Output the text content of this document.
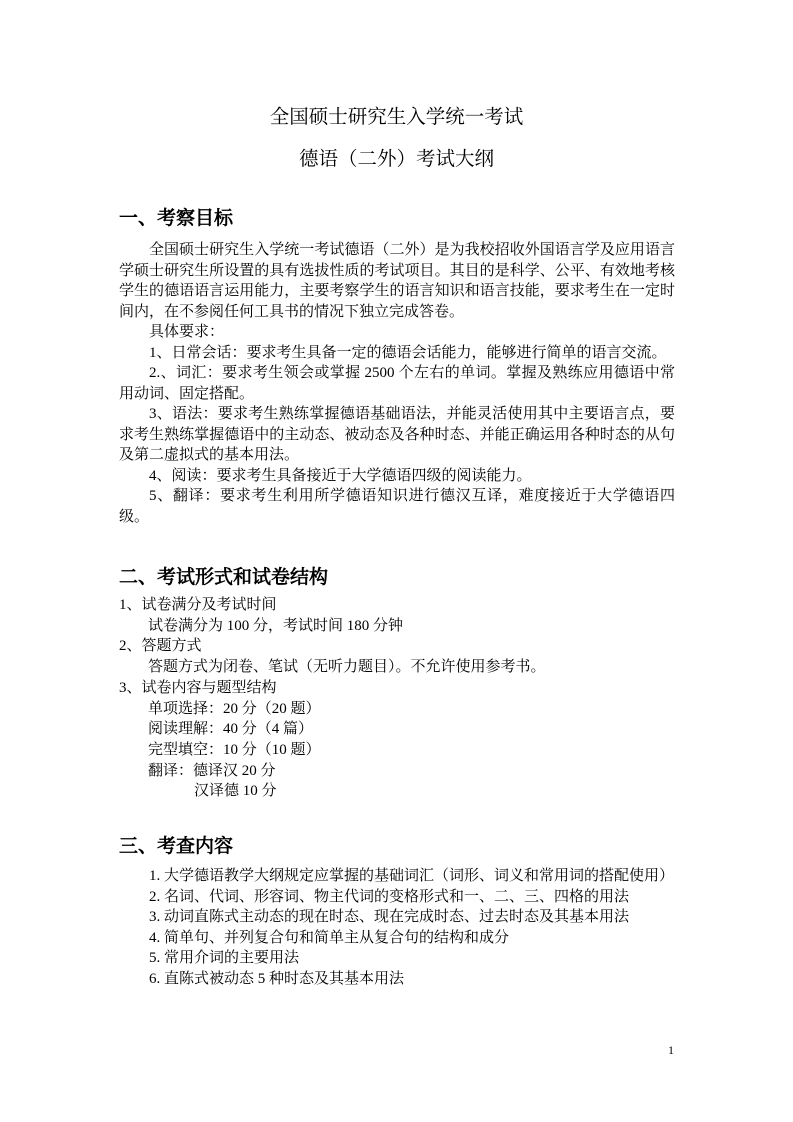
全国硕士研究生入学统一考试
德语（二外）考试大纲
一、考察目标

全国硕士研究生入学统一考试德语（二外）是为我校招收外国语言学及应用语言学硕士研究生所设置的具有选拔性质的考试项目。其目的是科学、公平、有效地考核学生的德语语言运用能力，主要考察学生的语言知识和语言技能，要求考生在一定时间内，在不参阅任何工具书的情况下独立完成答卷。

具体要求：

1、日常会话：要求考生具备一定的德语会话能力，能够进行简单的语言交流。

2.、词汇：要求考生领会或掌握 2500 个左右的单词。掌握及熟练应用德语中常用动词、固定搭配。

3、语法：要求考生熟练掌握德语基础语法，并能灵活使用其中主要语言点，要求考生熟练掌握德语中的主动态、被动态及各种时态、并能正确运用各种时态的从句及第二虚拟式的基本用法。

4、阅读：要求考生具备接近于大学德语四级的阅读能力。

5、翻译：要求考生利用所学德语知识进行德汉互译，难度接近于大学德语四级。

二、考试形式和试卷结构

1、试卷满分及考试时间

试卷满分为 100 分，考试时间 180 分钟

2、答题方式

答题方式为闭卷、笔试（无听力题目）。不允许使用参考书。

3、试卷内容与题型结构

单项选择：20 分（20 题）

阅读理解：40 分（4 篇）

完型填空：10 分（10 题）

翻译：德译汉 20 分

汉译德 10 分

三、考查内容

1. 大学德语教学大纲规定应掌握的基础词汇（词形、词义和常用词的搭配使用）

2. 名词、代词、形容词、物主代词的变格形式和一、二、三、四格的用法

3. 动词直陈式主动态的现在时态、现在完成时态、过去时态及其基本用法

4. 简单句、并列复合句和简单主从复合句的结构和成分

5. 常用介词的主要用法

6. 直陈式被动态 5 种时态及其基本用法

1
